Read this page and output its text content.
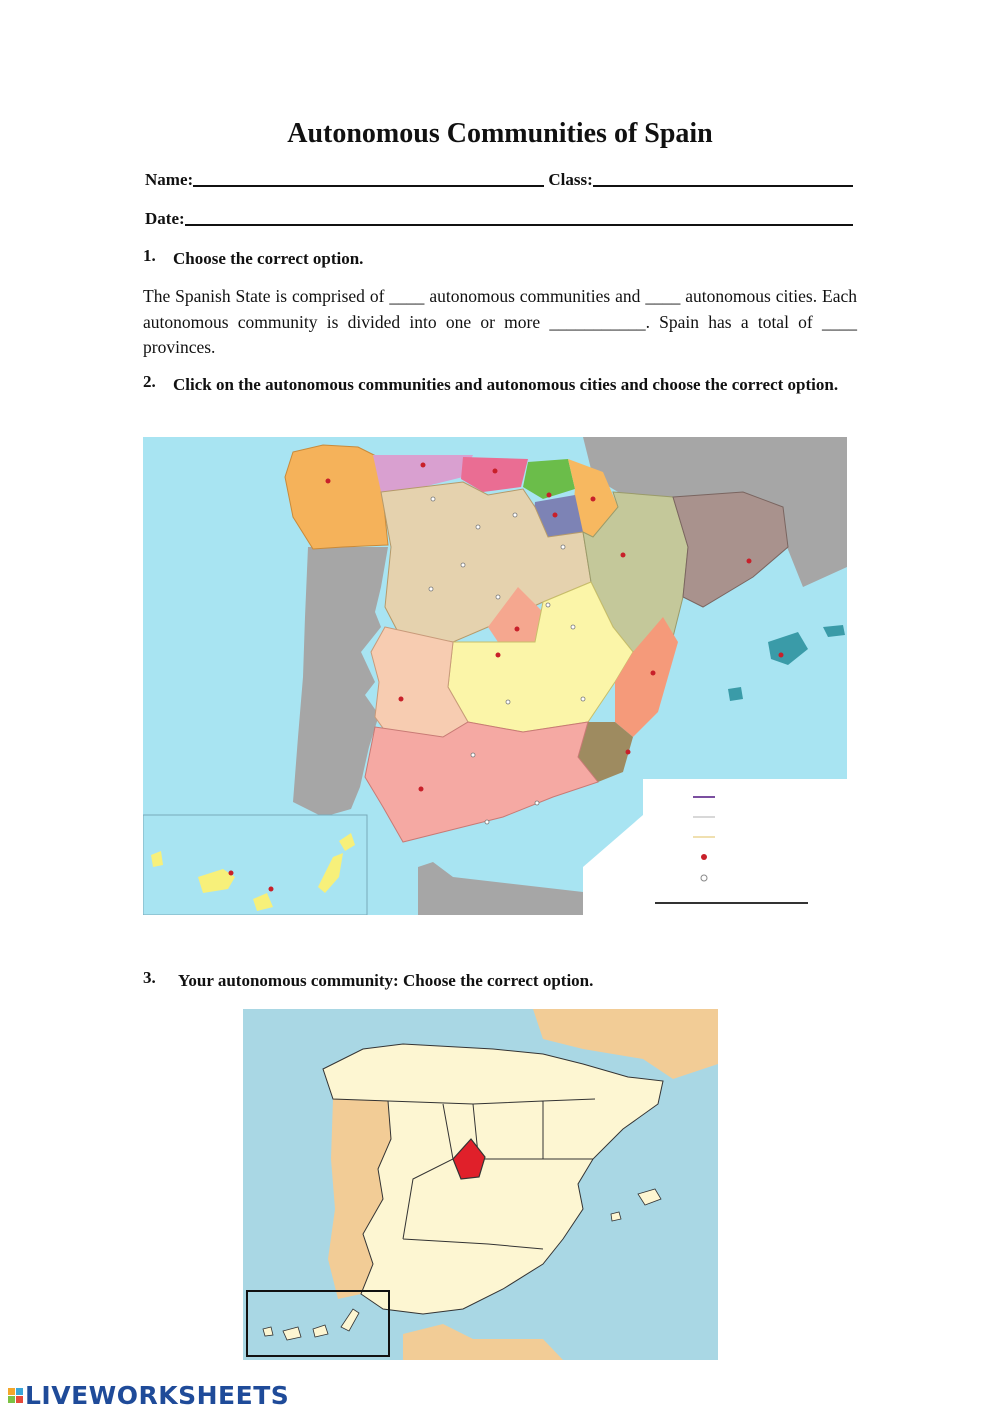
Autonomous Communities of Spain
Name:	Class:
Date:
1.	Choose the correct option.
The Spanish State is comprised of ____ autonomous communities and ____ autonomous cities. Each autonomous community is divided into one or more ___________. Spain has a total of ____ provinces.
2.	Click on the autonomous communities and autonomous cities and choose the correct option.
3.	Your autonomous community: Choose the correct option.
LIVEWORKSHEETS
